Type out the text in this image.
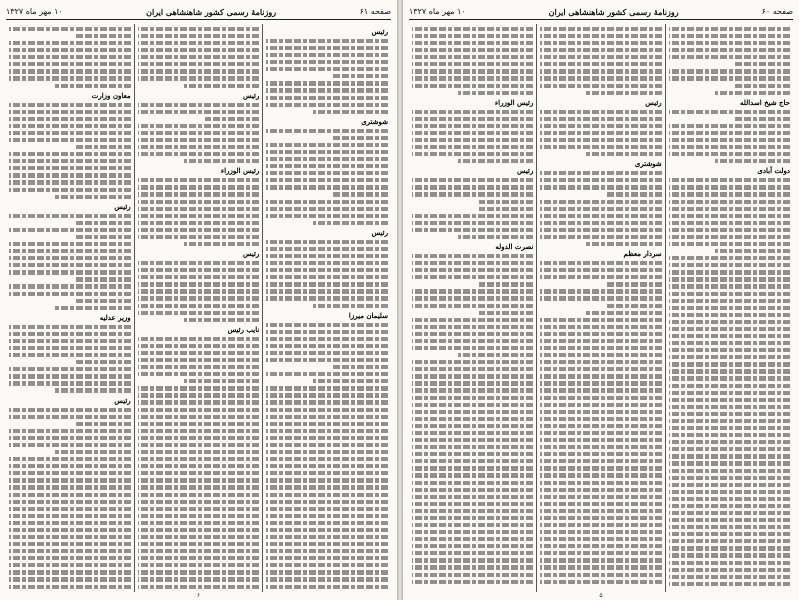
صفحه ۶۱
روزنامهٔ رسمی کشور شاهنشاهی ایران
۱۰ مهر ماه ۱۳۲۷
رئیس
شوشتری
رئیس
سلیمان میرزا
رئیس
رئیس الوزراء
رئیس
نایب رئیس
معاون وزارت
رئیس
وزیر عدلیه
رئیس
۶
صفحه ۶۰
روزنامهٔ رسمی کشور شاهنشاهی ایران
۱۰ مهر ماه ۱۳۲۷
حاج شیخ اسدالله
دولت آبادی
رئیس
شوشتری
سردار معظم
رئیس الوزراء
رئیس
نصرت الدوله
۵
